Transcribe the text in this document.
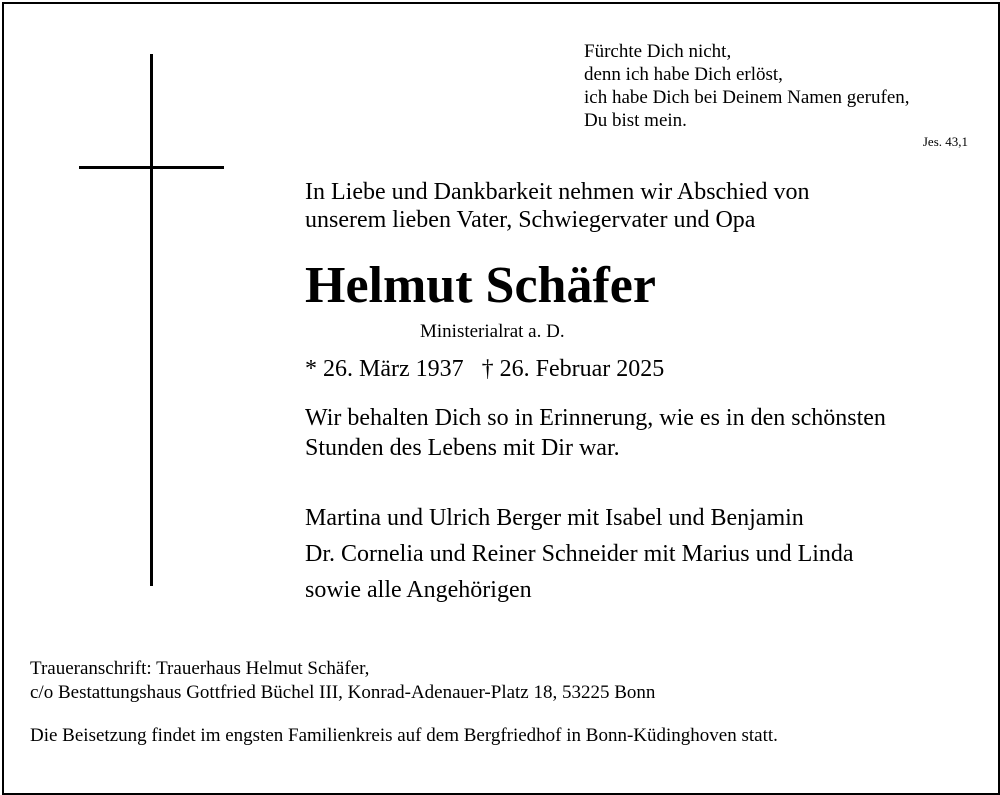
Fürchte Dich nicht,
denn ich habe Dich erlöst,
ich habe Dich bei Deinem Namen gerufen,
Du bist mein.
Jes. 43,1
In Liebe und Dankbarkeit nehmen wir Abschied von
unserem lieben Vater, Schwiegervater und Opa
Helmut Schäfer
Ministerialrat a. D.
* 26. März 1937 † 26. Februar 2025
Wir behalten Dich so in Erinnerung, wie es in den schönsten
Stunden des Lebens mit Dir war.
Martina und Ulrich Berger mit Isabel und Benjamin
Dr. Cornelia und Reiner Schneider mit Marius und Linda
sowie alle Angehörigen
Traueranschrift: Trauerhaus Helmut Schäfer,
c/o Bestattungshaus Gottfried Büchel III, Konrad-Adenauer-Platz 18, 53225 Bonn
Die Beisetzung findet im engsten Familienkreis auf dem Bergfriedhof in Bonn-Küdinghoven statt.
